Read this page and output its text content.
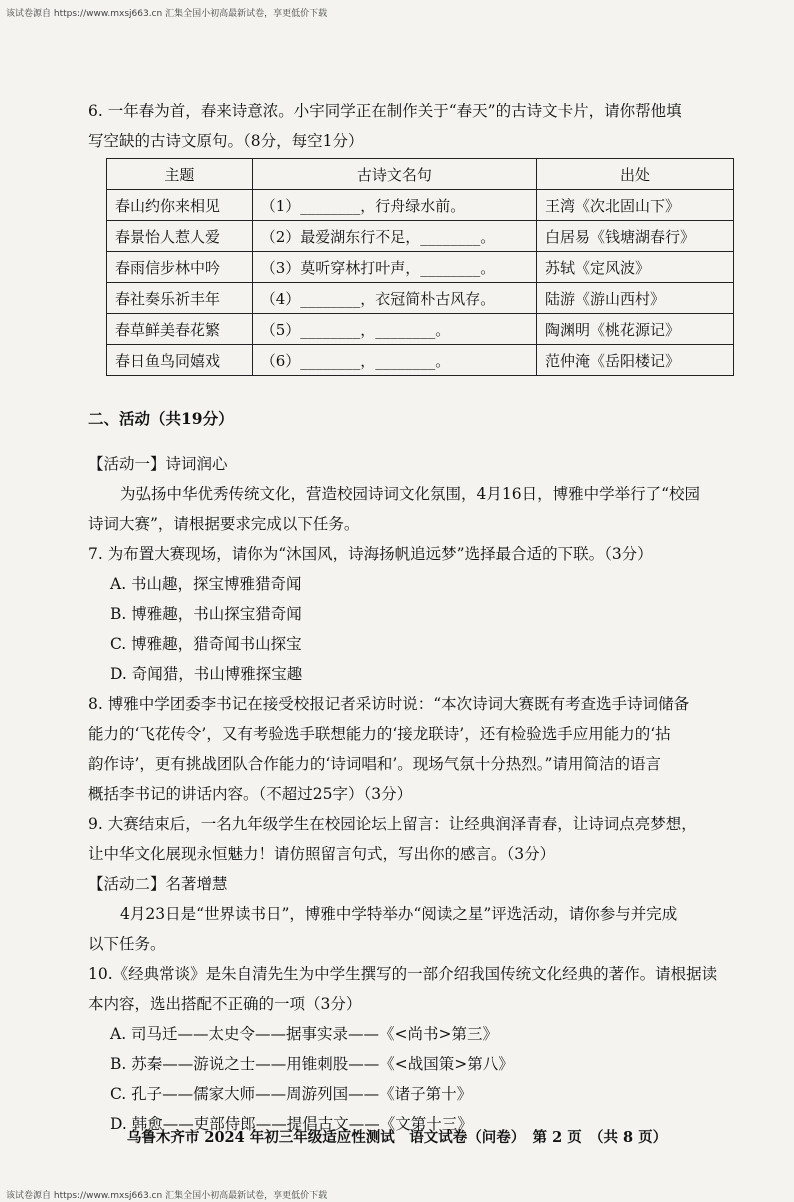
该试卷源自 https://www.mxsj663.cn 汇集全国小初高最新试卷，享更低价下载

6. 一年春为首，春来诗意浓。小宇同学正在制作关于“春天”的古诗文卡片，请你帮他填

写空缺的古诗文原句。（8分，每空1分）

主题	古诗文名句	出处
春山约你来相见	（1）________，行舟绿水前。	王湾《次北固山下》
春景怡人惹人爱	（2）最爱湖东行不足，________。	白居易《钱塘湖春行》
春雨信步林中吟	（3）莫听穿林打叶声，________。	苏轼《定风波》
春社奏乐祈丰年	（4）________，衣冠简朴古风存。	陆游《游山西村》
春草鲜美春花繁	（5）________，________。	陶渊明《桃花源记》
春日鱼鸟同嬉戏	（6）________，________。	范仲淹《岳阳楼记》

二、活动（共19分）

【活动一】诗词润心

为弘扬中华优秀传统文化，营造校园诗词文化氛围，4月16日，博雅中学举行了“校园

诗词大赛”，请根据要求完成以下任务。

7. 为布置大赛现场，请你为“沐国风，诗海扬帆追远梦”选择最合适的下联。（3分）

A. 书山趣，探宝博雅猎奇闻
B. 博雅趣，书山探宝猎奇闻
C. 博雅趣，猎奇闻书山探宝
D. 奇闻猎，书山博雅探宝趣

8. 博雅中学团委李书记在接受校报记者采访时说：“本次诗词大赛既有考查选手诗词储备

能力的‘飞花传令’，又有考验选手联想能力的‘接龙联诗’，还有检验选手应用能力的‘拈

韵作诗’，更有挑战团队合作能力的‘诗词唱和’。现场气氛十分热烈。”请用简洁的语言

概括李书记的讲话内容。（不超过25字）（3分）

9. 大赛结束后，一名九年级学生在校园论坛上留言：让经典润泽青春，让诗词点亮梦想，

让中华文化展现永恒魅力！请仿照留言句式，写出你的感言。（3分）

【活动二】名著增慧

4月23日是“世界读书日”，博雅中学特举办“阅读之星”评选活动，请你参与并完成

以下任务。

10.《经典常谈》是朱自清先生为中学生撰写的一部介绍我国传统文化经典的著作。请根据读

本内容，选出搭配不正确的一项（3分）

A. 司马迁——太史令——据事实录——《<尚书>第三》
B. 苏秦——游说之士——用锥刺股——《<战国策>第八》
C. 孔子——儒家大师——周游列国——《诸子第十》
D. 韩愈——吏部侍郎——提倡古文——《文第十三》
乌鲁木齐市 2024 年初三年级适应性测试　语文试卷（问卷）　第 2 页　（共 8 页）
该试卷源自 https://www.mxsj663.cn 汇集全国小初高最新试卷，享更低价下载
